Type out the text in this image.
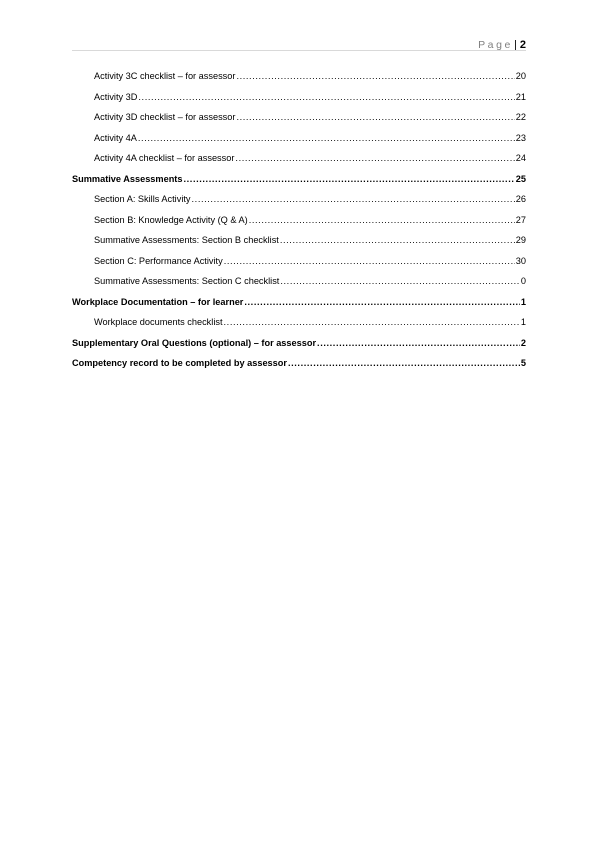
Page| 2
Activity 3C checklist – for assessor .....	20
Activity 3D .....	21
Activity 3D checklist – for assessor .....	22
Activity 4A .....	23
Activity 4A checklist – for assessor .....	24
Summative Assessments .....	25
Section A: Skills Activity .....	26
Section B: Knowledge Activity (Q & A) .....	27
Summative Assessments: Section B checklist .....	29
Section C: Performance Activity .....	30
Summative Assessments: Section C checklist .....	0
Workplace Documentation – for learner .....	1
Workplace documents checklist .....	1
Supplementary Oral Questions (optional) – for assessor .....	2
Competency record to be completed by assessor .....	5
